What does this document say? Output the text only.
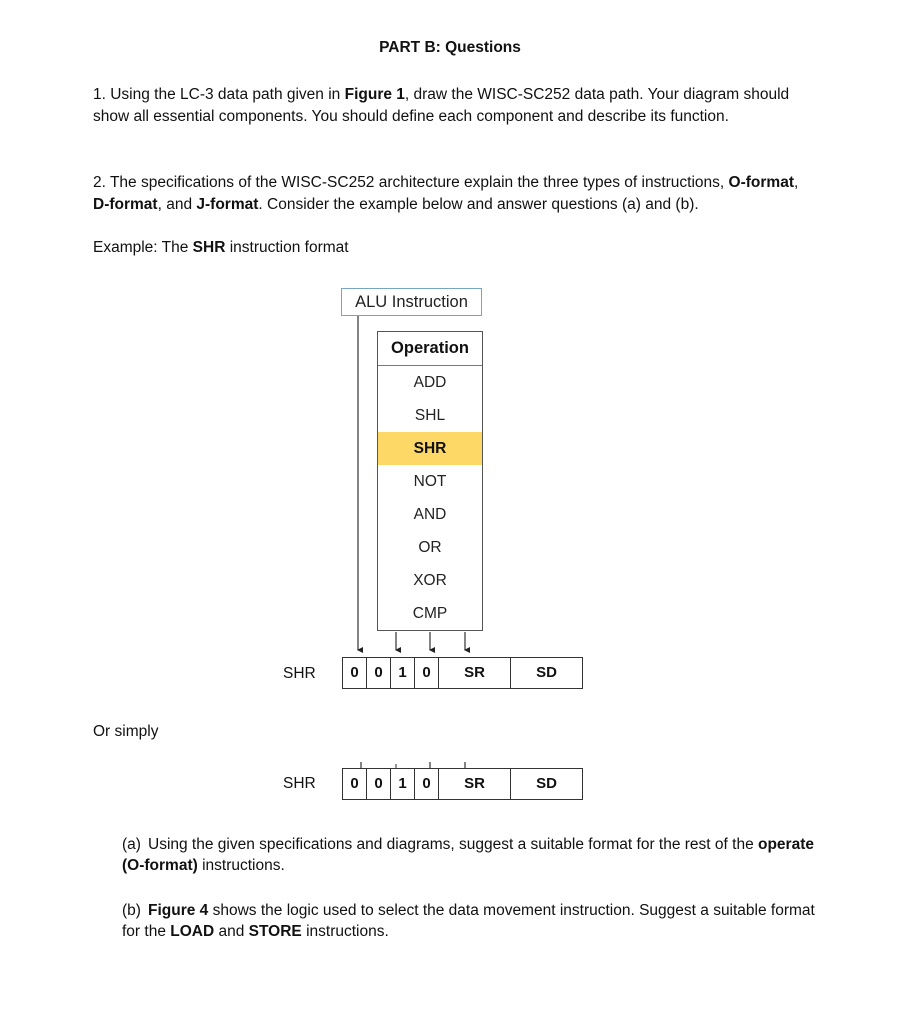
PART B: Questions
1. Using the LC-3 data path given in Figure 1, draw the WISC-SC252 data path. Your diagram should show all essential components. You should define each component and describe its function.
2. The specifications of the WISC-SC252 architecture explain the three types of instructions, O-format, D-format, and J-format. Consider the example below and answer questions (a) and (b).
Example: The SHR instruction format
ALU Instruction
Operation
ADD
SHL
SHR
NOT
AND
OR
XOR
CMP
SHR	0	0	1	0	SR	SD
Or simply
SHR	0	0	1	0	SR	SD
(a) Using the given specifications and diagrams, suggest a suitable format for the rest of the operate (O-format) instructions.
(b) Figure 4 shows the logic used to select the data movement instruction. Suggest a suitable format for the LOAD and STORE instructions.
